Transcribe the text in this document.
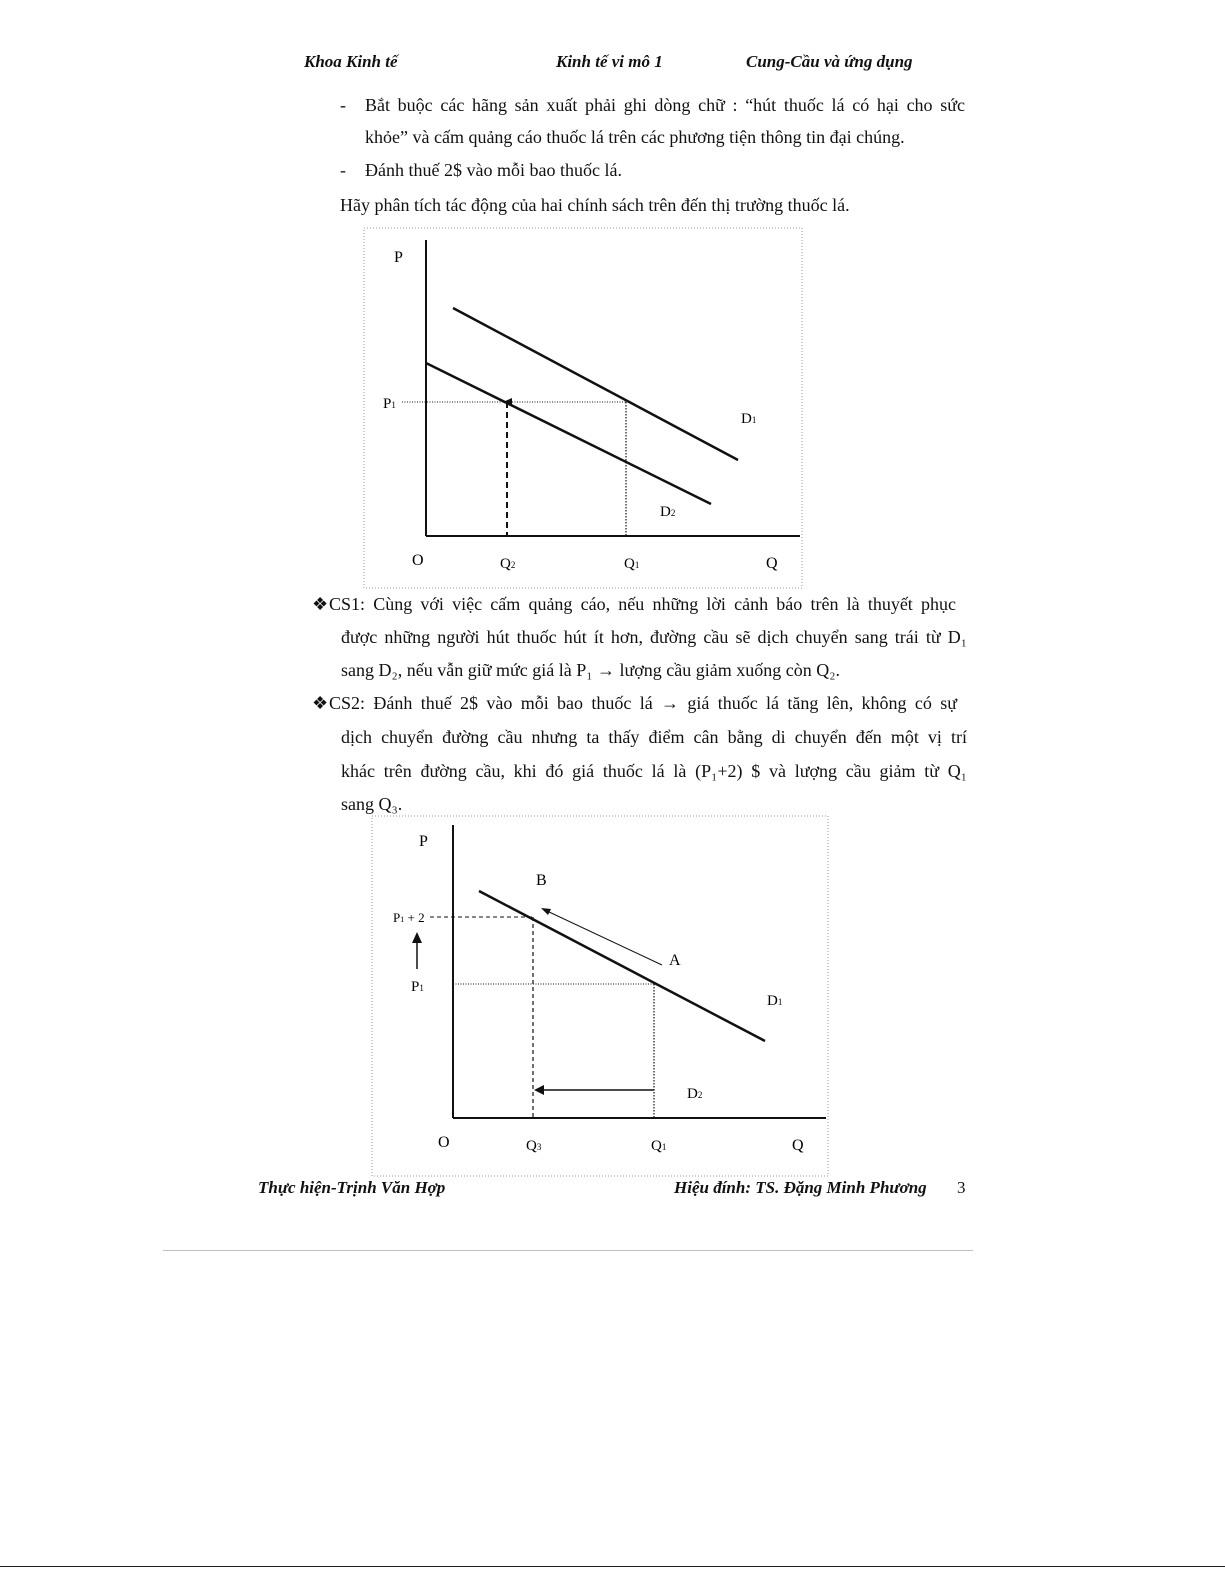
Khoa Kinh tế	Kinh tế vi mô 1	Cung-Cầu và ứng dụng
- Bắt buộc các hãng sản xuất phải ghi dòng chữ : “hút thuốc lá có hại cho sức
khỏe” và cấm quảng cáo thuốc lá trên các phương tiện thông tin đại chúng.
- Đánh thuế 2$ vào mỗi bao thuốc lá.
Hãy phân tích tác động của hai chính sách trên đến thị trường thuốc lá.
P
P1
D1
D2
O	Q2	Q1	Q
❖ CS1: Cùng với việc cấm quảng cáo, nếu những lời cảnh báo trên là thuyết phục
được những người hút thuốc hút ít hơn, đường cầu sẽ dịch chuyển sang trái từ D₁
sang D₂, nếu vẫn giữ mức giá là P₁ → lượng cầu giảm xuống còn Q₂.
❖ CS2: Đánh thuế 2$ vào mỗi bao thuốc lá → giá thuốc lá tăng lên, không có sự
dịch chuyển đường cầu nhưng ta thấy điểm cân bằng di chuyển đến một vị trí
khác trên đường cầu, khi đó giá thuốc lá là (P₁+2) $ và lượng cầu giảm từ Q₁
sang Q₃.
P
P1 + 2
P1
B
A
D1
D2
O	Q3	Q1	Q
Thực hiện-Trịnh Văn Hợp	Hiệu đính: TS. Đặng Minh Phương 3
